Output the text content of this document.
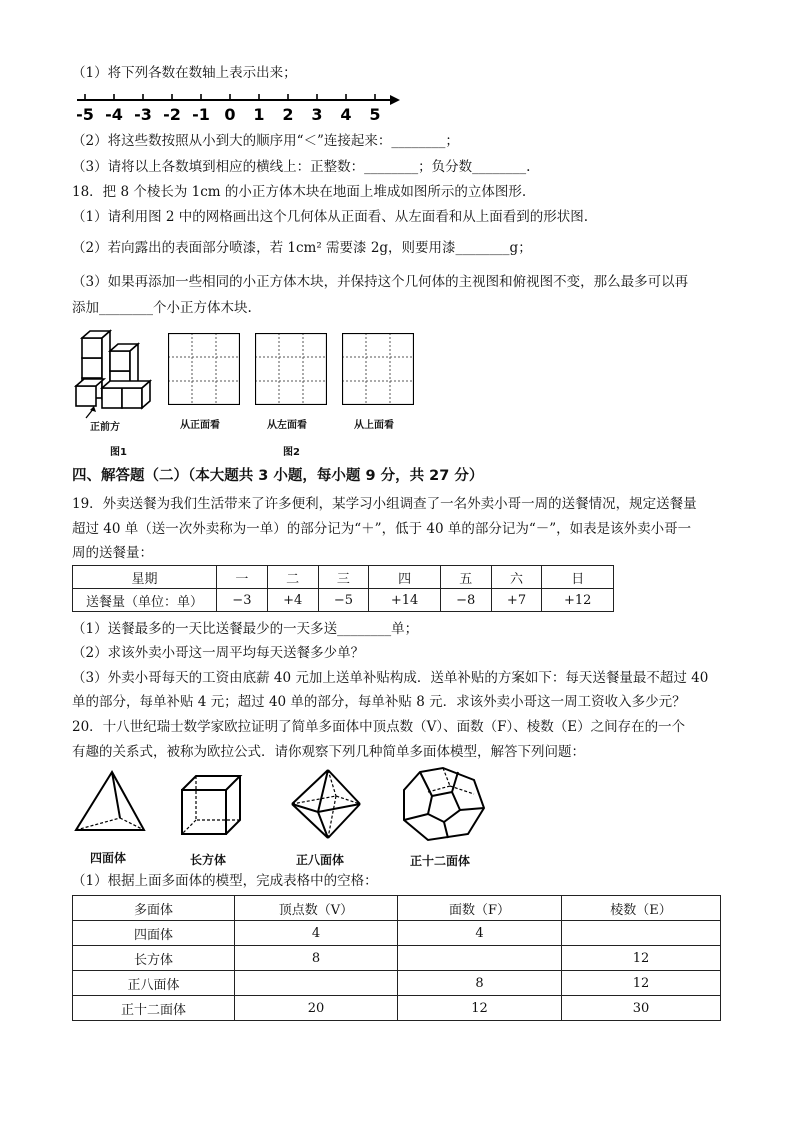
（1）将下列各数在数轴上表示出来；
-5 -4 -3 -2 -1 0 1 2 3 4 5
（2）将这些数按照从小到大的顺序用“＜”连接起来：________；
（3）请将以上各数填到相应的横线上：正整数：________；负分数________.
18．把 8 个棱长为 1cm 的小正方体木块在地面上堆成如图所示的立体图形.
（1）请利用图 2 中的网格画出这个几何体从正面看、从左面看和从上面看到的形状图.
（2）若向露出的表面部分喷漆，若 1cm² 需要漆 2g，则要用漆________g；
（3）如果再添加一些相同的小正方体木块，并保持这个几何体的主视图和俯视图不变，那么最多可以再
添加________个小正方体木块.
正前方
图1
从正面看	从左面看	从上面看
图2
四、解答题（二）（本大题共 3 小题，每小题 9 分，共 27 分）
19．外卖送餐为我们生活带来了许多便利，某学习小组调查了一名外卖小哥一周的送餐情况，规定送餐量
超过 40 单（送一次外卖称为一单）的部分记为“＋”，低于 40 单的部分记为“－”，如表是该外卖小哥一
周的送餐量：
星期	一	二	三	四	五	六	日
送餐量（单位：单）	−3	+4	−5	+14	−8	+7	+12
（1）送餐最多的一天比送餐最少的一天多送________单；
（2）求该外卖小哥这一周平均每天送餐多少单？
（3）外卖小哥每天的工资由底薪 40 元加上送单补贴构成．送单补贴的方案如下：每天送餐量最不超过 40
单的部分，每单补贴 4 元；超过 40 单的部分，每单补贴 8 元．求该外卖小哥这一周工资收入多少元？
20．十八世纪瑞士数学家欧拉证明了简单多面体中顶点数（V）、面数（F）、棱数（E）之间存在的一个
有趣的关系式，被称为欧拉公式．请你观察下列几种简单多面体模型，解答下列问题：
四面体	长方体	正八面体	正十二面体
（1）根据上面多面体的模型，完成表格中的空格：
多面体	顶点数（V）	面数（F）	棱数（E）
四面体	4	4	
长方体	8		12
正八面体		8	12
正十二面体	20	12	30
